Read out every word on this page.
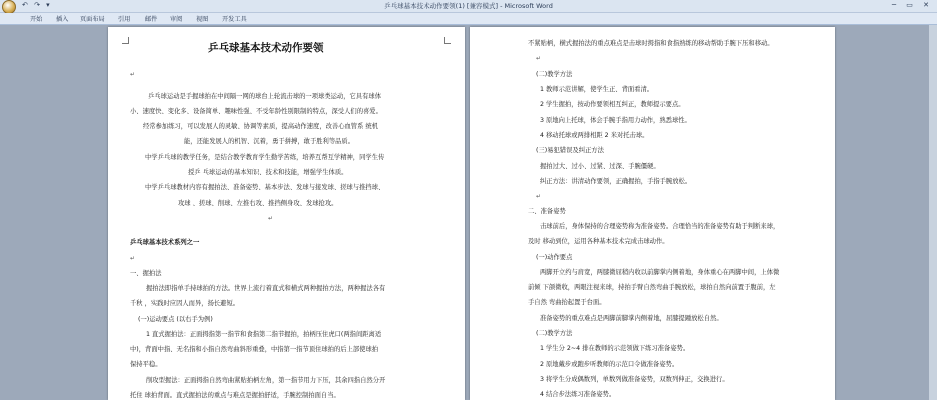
↶ ↷ ▾	乒乓球基本技术动作要领(1) [兼容模式] - Microsoft Word	─ ▭ ✕
开始 插入 页面布局 引用 邮件 审阅 视图 开发工具
乒乓球基本技术动作要领
↵
乒乓球运动是手握球拍在中间隔一网的球台上轮流击球的一项球类运动，它具有球体
小、速度快、变化多、设备简单、趣味性强、不受年龄性别限制的特点，深受人们的喜爱。
经常参加练习，可以发展人的灵敏、协调等素质，提高动作速度，改善心血管系 统机
能，还能发展人的机智、沉着，勇于拼搏，敢于胜利等品质。
中学乒乓球的教学任务，是结合教学教育学生勤学苦练，培养互帮互学精神，同学生传
授乒 乓球运动的基本知识、技术和技能，增强学生体质。
中学乒乓球教材内容有握拍法、准备姿势、基本步法、发球与接发球、搓球与推挡球、
攻球 、搓球、削球、左推右攻、推挡侧身攻、发球抢攻。
↵
乒乓球基本技术系列之一
↵
一、握拍法
握拍法即指单手持球拍的方法。世界上流行着直式和横式两种握拍方法，两种握法各有
千秋 ，实践时应因人而异，扬长避短。
(一)运动要点 (以右手为例)
1 直式握拍法：正面拇指第一指节和食指第二指节握拍，拍柄压住虎口(两指间距离适
中)，背面中指、无名指和小指自然弯曲斜形重叠，中指第一指节顶住球拍的后上部使球拍
保持平稳。
削攻型握法：正面拇指自然弯曲紧贴拍柄左角，第一指节用力下压，其余四指自然分开
托住 球拍背面。直式握拍法的重点与难点是握拍舒适，手腕控制拍面自当。
不紧贴柄，横式握拍法的重点难点是击球时拇指和食指熟练的移动帮助手腕下压和移动。
↵
(二)教学方法
1 教师示范讲解，使学生正、背面看清。
2 学生握拍，按动作要领相互纠正，教师提示要点。
3 原地向上托球，体会手腕手指用力动作，熟悉球性。
4 移动托球或两排相距 2 米对托击球。
(三)易犯错误及纠正方法
握拍过大、过小、过紧、过深、手腕僵硬。
纠正方法：讲清动作要领，正确握拍，手指手腕放松。
↵
二、准备姿势
击球前后，身体保持的合理姿势称为准备姿势。合理恰当的准备姿势有助于判断来球，
及时 移动到位，运用各种基本技术完成击球动作。
(一)动作要点
两脚开立约与肩宽，两膝微屈稍内收以前脚掌内侧着地，身体重心在两脚中间，上体微
前倾 下颌微收，两眼注视来球，持拍手臂自然弯曲手腕放松，球拍自然向前置于腹前，左
手自然 弯曲抬起置于台面。
准备姿势的重点难点是两脚前脚掌内侧着地，屈膝提踵放松自然。
(二)教学方法
1 学生分 2~4 排在教师的示范领做下练习准备姿势。
2 原地戴步或跑步听教师的示范口令做准备姿势。
3 将学生分成偶数列，单数列做准备姿势，双数列伸正，交换进行。
4 结合步法练习准备姿势。
